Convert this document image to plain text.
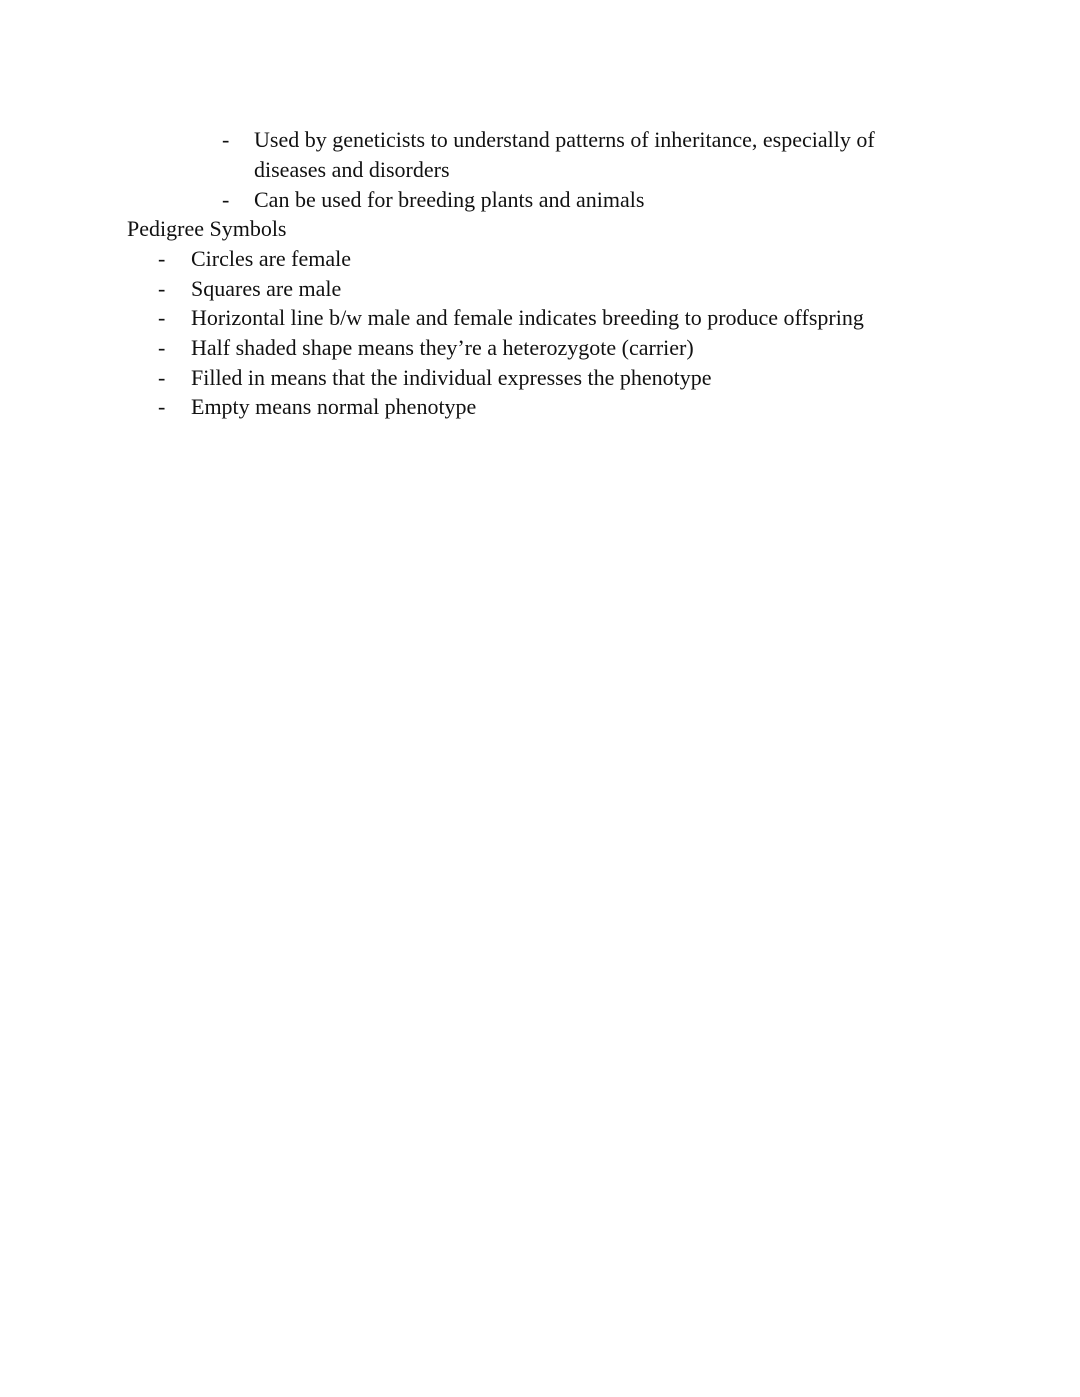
- Used by geneticists to understand patterns of inheritance, especially of
diseases and disorders
- Can be used for breeding plants and animals
Pedigree Symbols
- Circles are female
- Squares are male
- Horizontal line b/w male and female indicates breeding to produce offspring
- Half shaded shape means they’re a heterozygote (carrier)
- Filled in means that the individual expresses the phenotype
- Empty means normal phenotype
